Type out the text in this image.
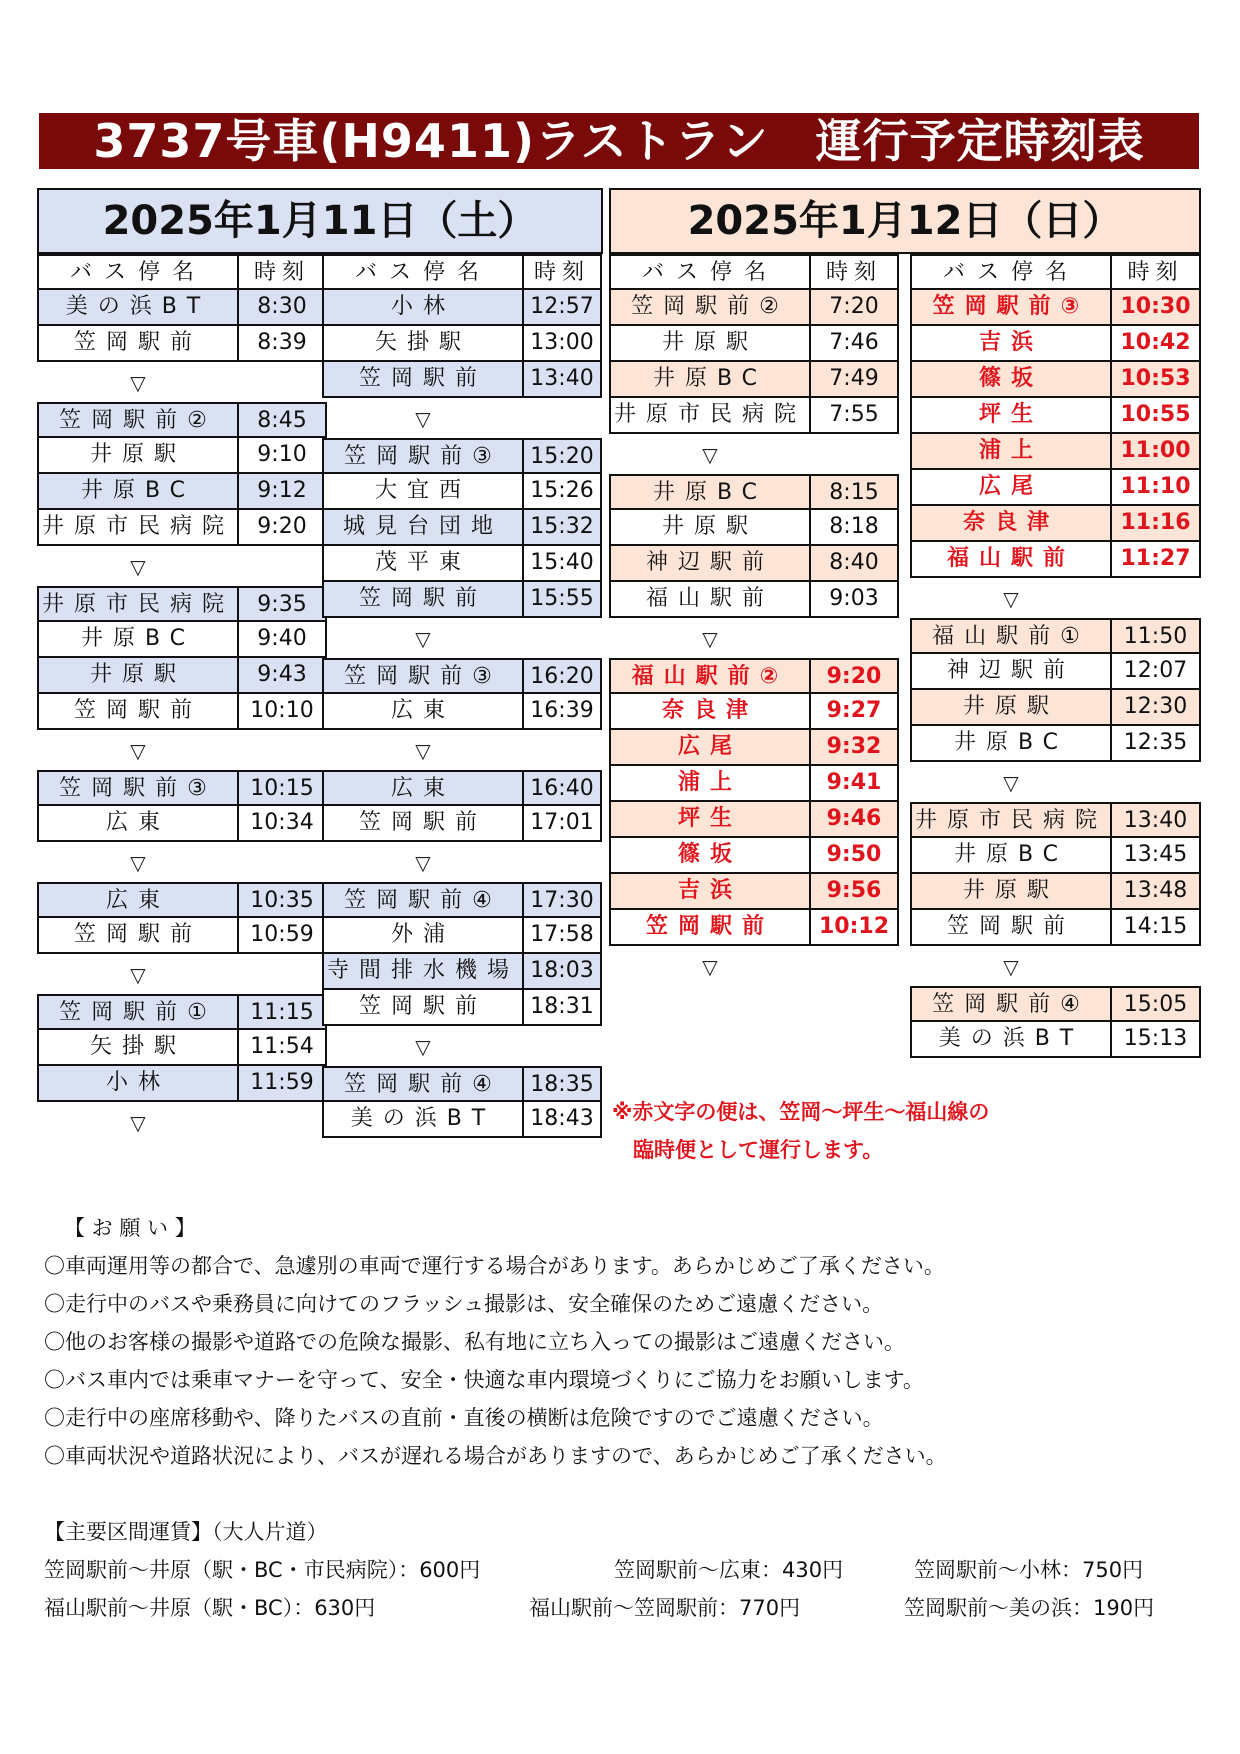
3737号車(H9411)ラストラン　運行予定時刻表
2025年1月11日（土）	2025年1月12日（日）
バス停名	時刻
美の浜BT	8:30
笠岡駅前	8:39
▽
笠岡駅前②	8:45
井原駅	9:10
井原BC	9:12
井原市民病院	9:20
▽
井原市民病院	9:35
井原BC	9:40
井原駅	9:43
笠岡駅前	10:10
▽
笠岡駅前③	10:15
広東	10:34
▽
広東	10:35
笠岡駅前	10:59
▽
笠岡駅前①	11:15
矢掛駅	11:54
小林	11:59
▽
バス停名	時刻
小林	12:57
矢掛駅	13:00
笠岡駅前	13:40
▽
笠岡駅前③	15:20
大宜西	15:26
城見台団地	15:32
茂平東	15:40
笠岡駅前	15:55
▽
笠岡駅前③	16:20
広東	16:39
▽
広東	16:40
笠岡駅前	17:01
▽
笠岡駅前④	17:30
外浦	17:58
寺間排水機場 18:03
笠岡駅前	18:31
▽
笠岡駅前④	18:35
美の浜BT	18:43
バス停名	時刻
笠岡駅前②	7:20
井原駅	7:46
井原BC	7:49
井原市民病院	7:55
▽
井原BC	8:15
井原駅	8:18
神辺駅前	8:40
福山駅前	9:03
▽
福山駅前②	9:20
奈良津	9:27
広尾	9:32
浦上	9:41
坪生	9:46
篠坂	9:50
吉浜	9:56
笠岡駅前	10:12
▽
バス停名	時刻
笠岡駅前③	10:30
吉浜	10:42
篠坂	10:53
坪生	10:55
浦上	11:00
広尾	11:10
奈良津	11:16
福山駅前	11:27
▽
福山駅前①	11:50
神辺駅前	12:07
井原駅	12:30
井原BC	12:35
▽
井原市民病院 13:40
井原BC	13:45
井原駅	13:48
笠岡駅前	14:15
▽
笠岡駅前④	15:05
美の浜BT	15:13
※赤文字の便は、笠岡～坪生～福山線の
　臨時便として運行します。
【 お 願 い 】
〇車両運用等の都合で、急遽別の車両で運行する場合があります。あらかじめご了承ください。
〇走行中のバスや乗務員に向けてのフラッシュ撮影は、安全確保のためご遠慮ください。
〇他のお客様の撮影や道路での危険な撮影、私有地に立ち入っての撮影はご遠慮ください。
〇バス車内では乗車マナーを守って、安全・快適な車内環境づくりにご協力をお願いします。
〇走行中の座席移動や、降りたバスの直前・直後の横断は危険ですのでご遠慮ください。
〇車両状況や道路状況により、バスが遅れる場合がありますので、あらかじめご了承ください。
【主要区間運賃】（大人片道）
笠岡駅前～井原（駅・BC・市民病院）：600円	笠岡駅前～広東：430円	笠岡駅前～小林：750円
福山駅前～井原（駅・BC）：630円	福山駅前～笠岡駅前：770円	笠岡駅前～美の浜：190円
